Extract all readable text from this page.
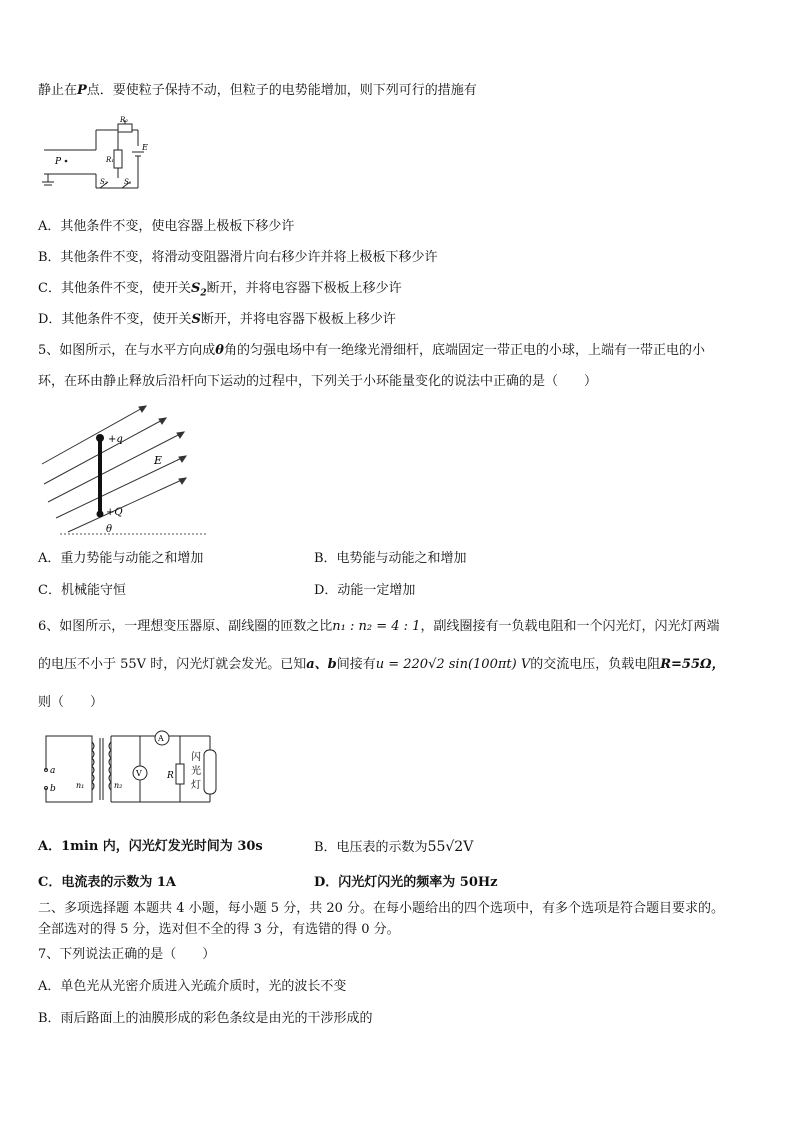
静止在P点．要使粒子保持不动，但粒子的电势能增加，则下列可行的措施有
P
R₂
R₁
E
S₂ S₁
A．其他条件不变，使电容器上极板下移少许
B．其他条件不变，将滑动变阻器滑片向右移少许并将上极板下移少许
C．其他条件不变，使开关$S_2$断开，并将电容器下极板上移少许
D．其他条件不变，使开关S断开，并将电容器下极板上移少许
5、如图所示，在与水平方向成θ角的匀强电场中有一绝缘光滑细杆，底端固定一带正电的小球，上端有一带正电的小
环，在环由静止释放后沿杆向下运动的过程中，下列关于小环能量变化的说法中正确的是（　　）
+q
E
+Q
θ
A．重力势能与动能之和增加	B．电势能与动能之和增加
C．机械能守恒	D．动能一定增加
6、如图所示，一理想变压器原、副线圈的匝数之比n₁ : n₂ = 4 : 1，副线圈接有一负载电阻和一个闪光灯，闪光灯两端
的电压不小于 55V 时，闪光灯就会发光。已知a、b间接有u = 220√2 sin(100πt) V的交流电压，负载电阻R=55Ω，
则（　　）
a
b	n₁	n₂
A
V	R
闪
光
灯
A．1min 内，闪光灯发光时间为 30s	B．电压表的示数为55√2V
C．电流表的示数为 1A	D．闪光灯闪光的频率为 50Hz
二、多项选择题 本题共 4 小题，每小题 5 分，共 20 分。在每小题给出的四个选项中，有多个选项是符合题目要求的。
全部选对的得 5 分，选对但不全的得 3 分，有选错的得 0 分。
7、下列说法正确的是（　　）
A．单色光从光密介质进入光疏介质时，光的波长不变
B．雨后路面上的油膜形成的彩色条纹是由光的干涉形成的
